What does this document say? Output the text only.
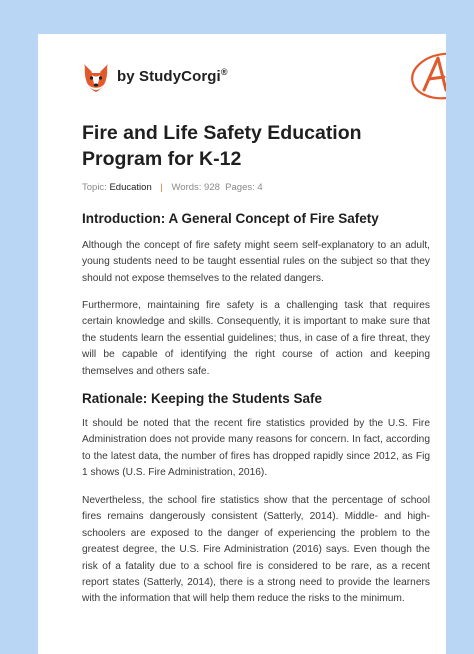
by StudyCorgi®
Fire and Life Safety Education Program for K-12
Topic: Education | Words: 928 Pages: 4
Introduction: A General Concept of Fire Safety

Although the concept of fire safety might seem self-explanatory to an adult, young students need to be taught essential rules on the subject so that they should not expose themselves to the related dangers.

Furthermore, maintaining fire safety is a challenging task that requires certain knowledge and skills. Consequently, it is important to make sure that the students learn the essential guidelines; thus, in case of a fire threat, they will be capable of identifying the right course of action and keeping themselves and others safe.

Rationale: Keeping the Students Safe

It should be noted that the recent fire statistics provided by the U.S. Fire Administration does not provide many reasons for concern. In fact, according to the latest data, the number of fires has dropped rapidly since 2012, as Fig 1 shows (U.S. Fire Administration, 2016).

Nevertheless, the school fire statistics show that the percentage of school fires remains dangerously consistent (Satterly, 2014). Middle- and high-schoolers are exposed to the danger of experiencing the problem to the greatest degree, the U.S. Fire Administration (2016) says. Even though the risk of a fatality due to a school fire is considered to be rare, as a recent report states (Satterly, 2014), there is a strong need to provide the learners with the information that will help them reduce the risks to the minimum.
